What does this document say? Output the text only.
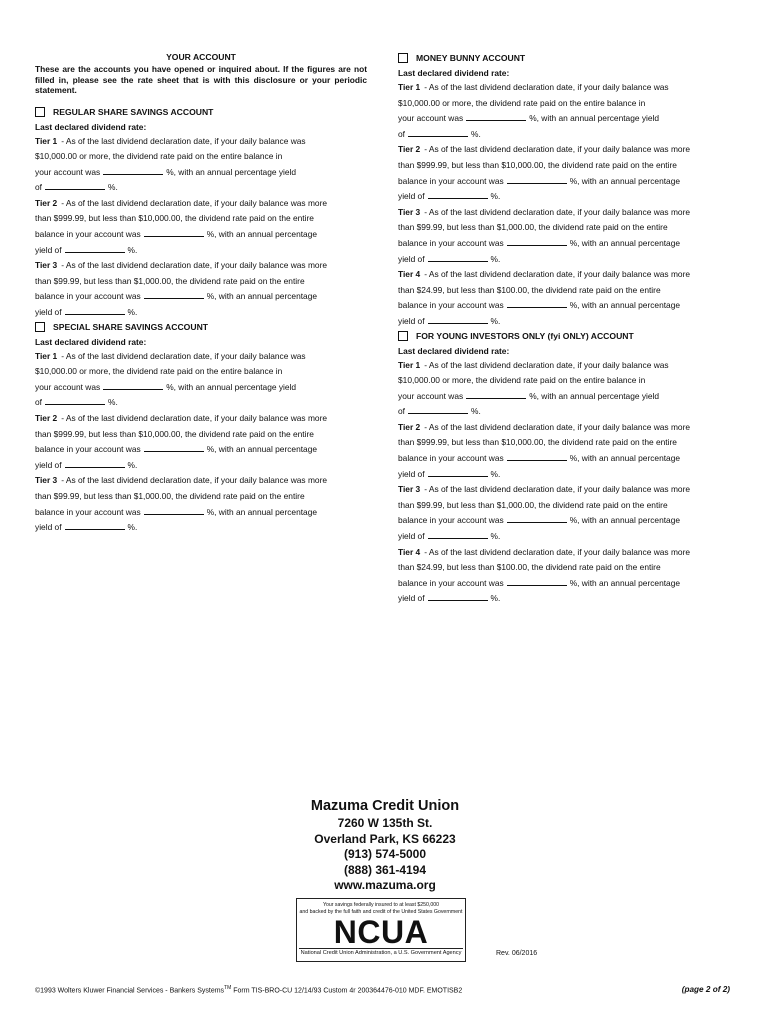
YOUR ACCOUNT

These are the accounts you have opened or inquired about. If the figures are not filled in, please see the rate sheet that is with this disclosure or your periodic statement.

REGULAR SHARE SAVINGS ACCOUNT
Last declared dividend rate:
Tier 1 - As of the last dividend declaration date, if your daily balance was
$10,000.00 or more, the dividend rate paid on the entire balance in
your account was	%, with an annual percentage yield
of	%.
Tier 2 - As of the last dividend declaration date, if your daily balance was more
than $999.99, but less than $10,000.00, the dividend rate paid on the entire
balance in your account was	%, with an annual percentage
yield of	%.
Tier 3 - As of the last dividend declaration date, if your daily balance was more
than $99.99, but less than $1,000.00, the dividend rate paid on the entire
balance in your account was	%, with an annual percentage
yield of	%.
SPECIAL SHARE SAVINGS ACCOUNT
Last declared dividend rate:
Tier 1 - As of the last dividend declaration date, if your daily balance was
$10,000.00 or more, the dividend rate paid on the entire balance in
your account was	%, with an annual percentage yield
of	%.
Tier 2 - As of the last dividend declaration date, if your daily balance was more
than $999.99, but less than $10,000.00, the dividend rate paid on the entire
balance in your account was	%, with an annual percentage
yield of	%.
Tier 3 - As of the last dividend declaration date, if your daily balance was more
than $99.99, but less than $1,000.00, the dividend rate paid on the entire
balance in your account was	%, with an annual percentage
yield of	%.
MONEY BUNNY ACCOUNT
Last declared dividend rate:
Tier 1 - As of the last dividend declaration date, if your daily balance was
$10,000.00 or more, the dividend rate paid on the entire balance in
your account was	%, with an annual percentage yield
of	%.
Tier 2 - As of the last dividend declaration date, if your daily balance was more
than $999.99, but less than $10,000.00, the dividend rate paid on the entire
balance in your account was	%, with an annual percentage
yield of	%.
Tier 3 - As of the last dividend declaration date, if your daily balance was more
than $99.99, but less than $1,000.00, the dividend rate paid on the entire
balance in your account was	%, with an annual percentage
yield of	%.
Tier 4 - As of the last dividend declaration date, if your daily balance was more
than $24.99, but less than $100.00, the dividend rate paid on the entire
balance in your account was	%, with an annual percentage
yield of	%.
FOR YOUNG INVESTORS ONLY (fyi ONLY) ACCOUNT
Last declared dividend rate:
Tier 1 - As of the last dividend declaration date, if your daily balance was
$10,000.00 or more, the dividend rate paid on the entire balance in
your account was	%, with an annual percentage yield
of	%.
Tier 2 - As of the last dividend declaration date, if your daily balance was more
than $999.99, but less than $10,000.00, the dividend rate paid on the entire
balance in your account was	%, with an annual percentage
yield of	%.
Tier 3 - As of the last dividend declaration date, if your daily balance was more
than $99.99, but less than $1,000.00, the dividend rate paid on the entire
balance in your account was	%, with an annual percentage
yield of	%.
Tier 4 - As of the last dividend declaration date, if your daily balance was more
than $24.99, but less than $100.00, the dividend rate paid on the entire
balance in your account was	%, with an annual percentage
yield of	%.
Mazuma Credit Union
7260 W 135th St.
Overland Park, KS 66223
(913) 574-5000
(888) 361-4194
www.mazuma.org
Your savings federally insured to at least $250,000
and backed by the full faith and credit of the United States Government
NCUA
National Credit Union Administration, a U.S. Government Agency	Rev. 06/2016
©1993 Wolters Kluwer Financial Services - Bankers Systems™ Form TIS-BRO-CU 12/14/93 Custom 4r 200364476-010 MDF. EMOTISB2	(page 2 of 2)
